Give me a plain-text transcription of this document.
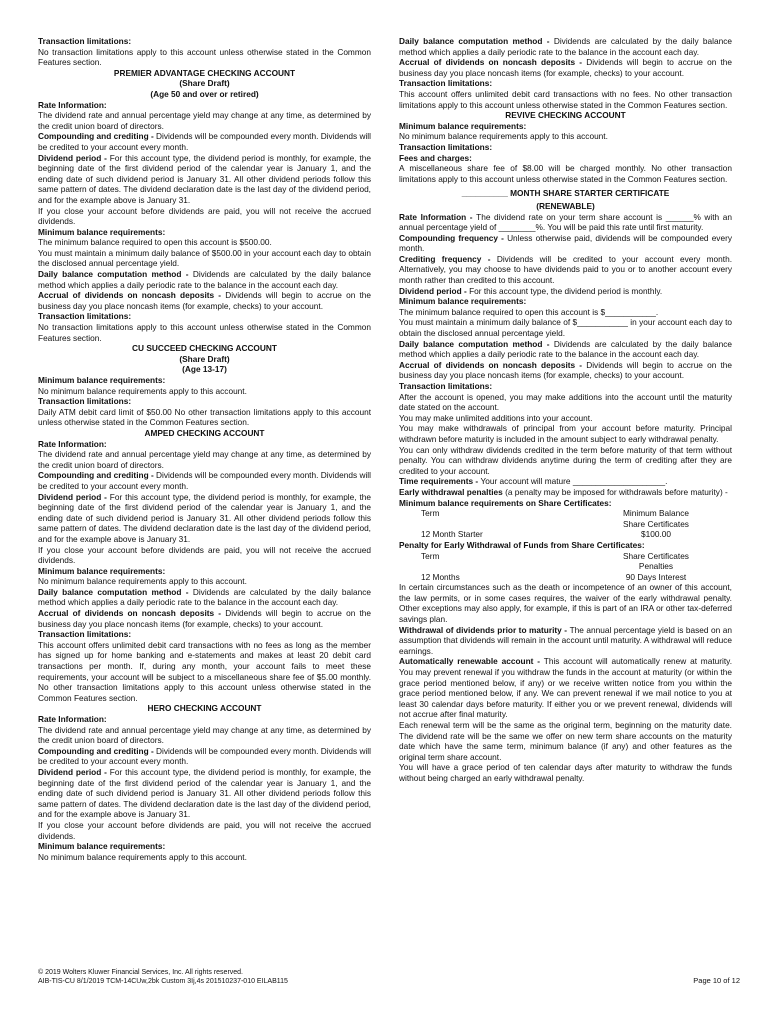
Transaction limitations:

No transaction limitations apply to this account unless otherwise stated in the Common Features section.

PREMIER ADVANTAGE CHECKING ACCOUNT
(Share Draft)
(Age 50 and over or retired)

Rate Information:

The dividend rate and annual percentage yield may change at any time, as determined by the credit union board of directors.

Compounding and crediting - Dividends will be compounded every month. Dividends will be credited to your account every month.

Dividend period - For this account type, the dividend period is monthly, for example, the beginning date of the first dividend period of the calendar year is January 1, and the ending date of such dividend period is January 31. All other dividend periods follow this same pattern of dates. The dividend declaration date is the last day of the dividend period, and for the example above is January 31.

If you close your account before dividends are paid, you will not receive the accrued dividends.

Minimum balance requirements:

The minimum balance required to open this account is $500.00.

You must maintain a minimum daily balance of $500.00 in your account each day to obtain the disclosed annual percentage yield.

Daily balance computation method - Dividends are calculated by the daily balance method which applies a daily periodic rate to the balance in the account each day.

Accrual of dividends on noncash deposits - Dividends will begin to accrue on the business day you place noncash items (for example, checks) to your account.

Transaction limitations:

No transaction limitations apply to this account unless otherwise stated in the Common Features section.

CU SUCCEED CHECKING ACCOUNT
(Share Draft)
(Age 13-17)

Minimum balance requirements:

No minimum balance requirements apply to this account.

Transaction limitations:

Daily ATM debit card limit of $50.00 No other transaction limitations apply to this account unless otherwise stated in the Common Features section.

AMPED CHECKING ACCOUNT

Rate Information:

The dividend rate and annual percentage yield may change at any time, as determined by the credit union board of directors.

Compounding and crediting - Dividends will be compounded every month. Dividends will be credited to your account every month.

Dividend period - For this account type, the dividend period is monthly, for example, the beginning date of the first dividend period of the calendar year is January 1, and the ending date of such dividend period is January 31. All other dividend periods follow this same pattern of dates. The dividend declaration date is the last day of the dividend period, and for the example above is January 31.

If you close your account before dividends are paid, you will not receive the accrued dividends.

Minimum balance requirements:

No minimum balance requirements apply to this account.

Daily balance computation method - Dividends are calculated by the daily balance method which applies a daily periodic rate to the balance in the account each day.

Accrual of dividends on noncash deposits - Dividends will begin to accrue on the business day you place noncash items (for example, checks) to your account.

Transaction limitations:

This account offers unlimited debit card transactions with no fees as long as the member has signed up for home banking and e-statements and makes at least 20 debit card transactions per month. If, during any month, your account fails to meet these requirements, your account will be subject to a miscellaneous share fee of $5.00 monthly. No other transaction limitations apply to this account unless otherwise stated in the Common Features section.

HERO CHECKING ACCOUNT

Rate Information:

The dividend rate and annual percentage yield may change at any time, as determined by the credit union board of directors.

Compounding and crediting - Dividends will be compounded every month. Dividends will be credited to your account every month.

Dividend period - For this account type, the dividend period is monthly, for example, the beginning date of the first dividend period of the calendar year is January 1, and the ending date of such dividend period is January 31. All other dividend periods follow this same pattern of dates. The dividend declaration date is the last day of the dividend period, and for the example above is January 31.

If you close your account before dividends are paid, you will not receive the accrued dividends.

Minimum balance requirements:

No minimum balance requirements apply to this account.

Daily balance computation method - Dividends are calculated by the daily balance method which applies a daily periodic rate to the balance in the account each day.

Accrual of dividends on noncash deposits - Dividends will begin to accrue on the business day you place noncash items (for example, checks) to your account.

Transaction limitations:

This account offers unlimited debit card transactions with no fees. No other transaction limitations apply to this account unless otherwise stated in the Common Features section.

REVIVE CHECKING ACCOUNT

Minimum balance requirements:

No minimum balance requirements apply to this account.

Transaction limitations:

Fees and charges:

A miscellaneous share fee of $8.00 will be charged monthly. No other transaction limitations apply to this account unless otherwise stated in the Common Features section.

__________ MONTH SHARE STARTER CERTIFICATE
(RENEWABLE)

Rate Information - The dividend rate on your term share account is ______% with an annual percentage yield of ________%. You will be paid this rate until first maturity.

Compounding frequency - Unless otherwise paid, dividends will be compounded every month.

Crediting frequency - Dividends will be credited to your account every month. Alternatively, you may choose to have dividends paid to you or to another account every month rather than credited to this account.

Dividend period - For this account type, the dividend period is monthly.

Minimum balance requirements:

The minimum balance required to open this account is $___________.

You must maintain a minimum daily balance of $___________ in your account each day to obtain the disclosed annual percentage yield.

Daily balance computation method - Dividends are calculated by the daily balance method which applies a daily periodic rate to the balance in the account each day.

Accrual of dividends on noncash deposits - Dividends will begin to accrue on the business day you place noncash items (for example, checks) to your account.

Transaction limitations:

After the account is opened, you may make additions into the account until the maturity date stated on the account.

You may make unlimited additions into your account.

You may make withdrawals of principal from your account before maturity. Principal withdrawn before maturity is included in the amount subject to early withdrawal penalty.

You can only withdraw dividends credited in the term before maturity of that term without penalty. You can withdraw dividends anytime during the term of crediting after they are credited to your account.

Time requirements - Your account will mature ____________________.

Early withdrawal penalties (a penalty may be imposed for withdrawals before maturity) -

Minimum balance requirements on Share Certificates:

Term	Minimum Balance
Share Certificates
12 Month Starter	$100.00

Penalty for Early Withdrawal of Funds from Share Certificates:

Term	Share Certificates
Penalties
12 Months	90 Days Interest

In certain circumstances such as the death or incompetence of an owner of this account, the law permits, or in some cases requires, the waiver of the early withdrawal penalty. Other exceptions may also apply, for example, if this is part of an IRA or other tax-deferred savings plan.

Withdrawal of dividends prior to maturity - The annual percentage yield is based on an assumption that dividends will remain in the account until maturity. A withdrawal will reduce earnings.

Automatically renewable account - This account will automatically renew at maturity. You may prevent renewal if you withdraw the funds in the account at maturity (or within the grace period mentioned below, if any) or we receive written notice from you within the grace period mentioned below, if any. We can prevent renewal if we mail notice to you at least 30 calendar days before maturity. If either you or we prevent renewal, dividends will not accrue after final maturity.

Each renewal term will be the same as the original term, beginning on the maturity date. The dividend rate will be the same we offer on new term share accounts on the maturity date which have the same term, minimum balance (if any) and other features as the original term share account.

You will have a grace period of ten calendar days after maturity to withdraw the funds without being charged an early withdrawal penalty.

© 2019 Wolters Kluwer Financial Services, Inc. All rights reserved.
AIB-TIS-CU 8/1/2019 TCM-14CUw,2bk Custom 3Ij,4s 201510237-010 EILAB115	Page 10 of 12
